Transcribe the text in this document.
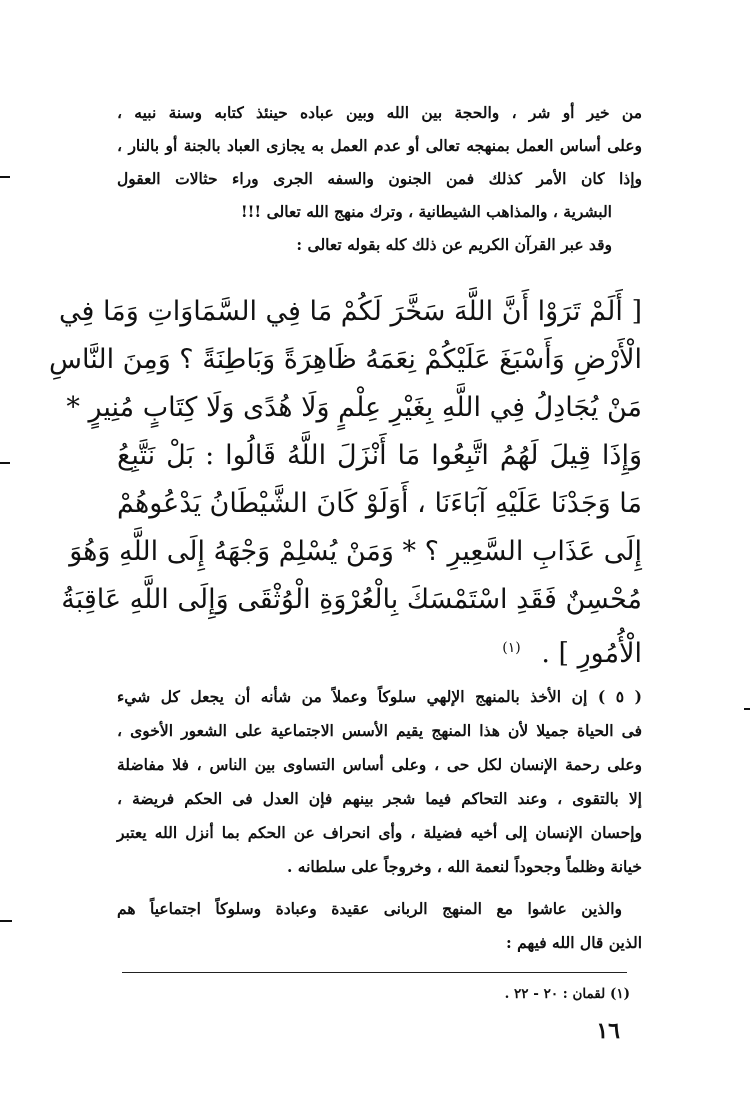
من خير أو شر ، والحجة بين الله وبين عباده حينئذ كتابه وسنة نبيه ،
وعلى أساس العمل بمنهجه تعالى أو عدم العمل به يجازى العباد بالجنة أو بالنار ،
وإذا كان الأمر كذلك فمن الجنون والسفه الجرى وراء حثالات العقول
البشرية ، والمذاهب الشيطانية ، وترك منهج الله تعالى !!!
وقد عبر القرآن الكريم عن ذلك كله بقوله تعالى :
[ أَلَمْ تَرَوْا أَنَّ اللَّهَ سَخَّرَ لَكُمْ مَا فِي السَّمَاوَاتِ وَمَا فِي
الْأَرْضِ وَأَسْبَغَ عَلَيْكُمْ نِعَمَهُ ظَاهِرَةً وَبَاطِنَةً ؟ وَمِنَ النَّاسِ
مَنْ يُجَادِلُ فِي اللَّهِ بِغَيْرِ عِلْمٍ وَلَا هُدًى وَلَا كِتَابٍ مُنِيرٍ *
وَإِذَا قِيلَ لَهُمُ اتَّبِعُوا مَا أَنْزَلَ اللَّهُ قَالُوا : بَلْ نَتَّبِعُ
مَا وَجَدْنَا عَلَيْهِ آبَاءَنَا ، أَوَلَوْ كَانَ الشَّيْطَانُ يَدْعُوهُمْ
إِلَى عَذَابِ السَّعِيرِ ؟ * وَمَنْ يُسْلِمْ وَجْهَهُ إِلَى اللَّهِ وَهُوَ
مُحْسِنٌ فَقَدِ اسْتَمْسَكَ بِالْعُرْوَةِ الْوُثْقَى وَإِلَى اللَّهِ عَاقِبَةُ
الْأُمُورِ ] . $^{(١)}$
( ٥ ) إن الأخذ بالمنهج الإلهي سلوكاً وعملاً من شأنه أن يجعل كل شيء
فى الحياة جميلا لأن هذا المنهج يقيم الأسس الاجتماعية على الشعور الأخوى ،
وعلى رحمة الإنسان لكل حى ، وعلى أساس التساوى بين الناس ، فلا مفاضلة
إلا بالتقوى ، وعند التحاكم فيما شجر بينهم فإن العدل فى الحكم فريضة ،
وإحسان الإنسان إلى أخيه فضيلة ، وأى انحراف عن الحكم بما أنزل الله يعتبر
خيانة وظلماً وجحوداً لنعمة الله ، وخروجاً على سلطانه .
والذين عاشوا مع المنهج الربانى عقيدة وعبادة وسلوكاً اجتماعياً هم
الذين قال الله فيهم :
(١) لقمان : ٢٠ - ٢٢ .
١٦
